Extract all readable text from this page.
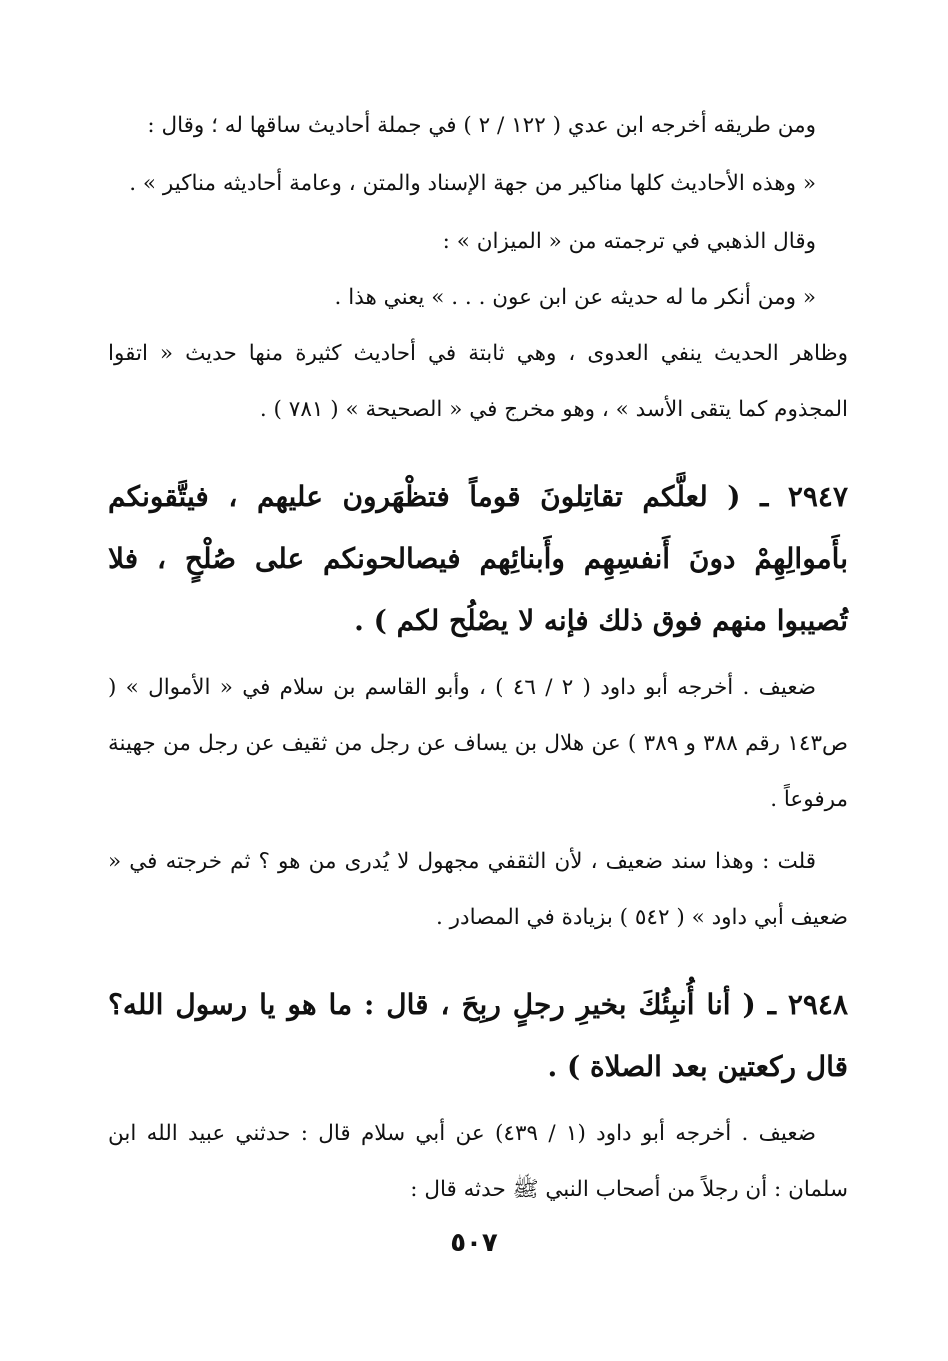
ومن طريقه أخرجه ابن عدي ( ١٢٢ / ٢ ) في جملة أحاديث ساقها له ؛ وقال :

« وهذه الأحاديث كلها مناكير من جهة الإسناد والمتن ، وعامة أحاديثه مناكير » .

وقال الذهبي في ترجمته من « الميزان » :

« ومن أنكر ما له حديثه عن ابن عون . . . » يعني هذا .

وظاهر الحديث ينفي العدوى ، وهي ثابتة في أحاديث كثيرة منها حديث « اتقوا المجذوم كما يتقى الأسد » ، وهو مخرج في « الصحيحة » ( ٧٨١ ) .

٢٩٤٧ ـ ( لعلَّكم تقاتِلونَ قوماً فتظْهَرون عليهم ، فيتَّقونكم بأَموالِهِمْ دونَ أَنفسِهِم وأَبنائِهم فيصالحونكم على صُلْحٍ ، فلا تُصيبوا منهم فوق ذلك فإنه لا يصْلُح لكم ) .

ضعيف . أخرجه أبو داود ( ٢ / ٤٦ ) ، وأبو القاسم بن سلام في « الأموال » ( ص١٤٣ رقم ٣٨٨ و ٣٨٩ ) عن هلال بن يساف عن رجل من ثقيف عن رجل من جهينة مرفوعاً .

قلت : وهذا سند ضعيف ، لأن الثقفي مجهول لا يُدرى من هو ؟ ثم خرجته في « ضعيف أبي داود » ( ٥٤٢ ) بزيادة في المصادر .

٢٩٤٨ ـ ( أنا أُنبِئُكَ بخيرِ رجلٍ ربِحَ ، قال : ما هو يا رسول الله؟ قال ركعتين بعد الصلاة ) .

ضعيف . أخرجه أبو داود (١ / ٤٣٩) عن أبي سلام قال : حدثني عبيد الله ابن سلمان : أن رجلاً من أصحاب النبي ﷺ حدثه قال :

٥٠٧
